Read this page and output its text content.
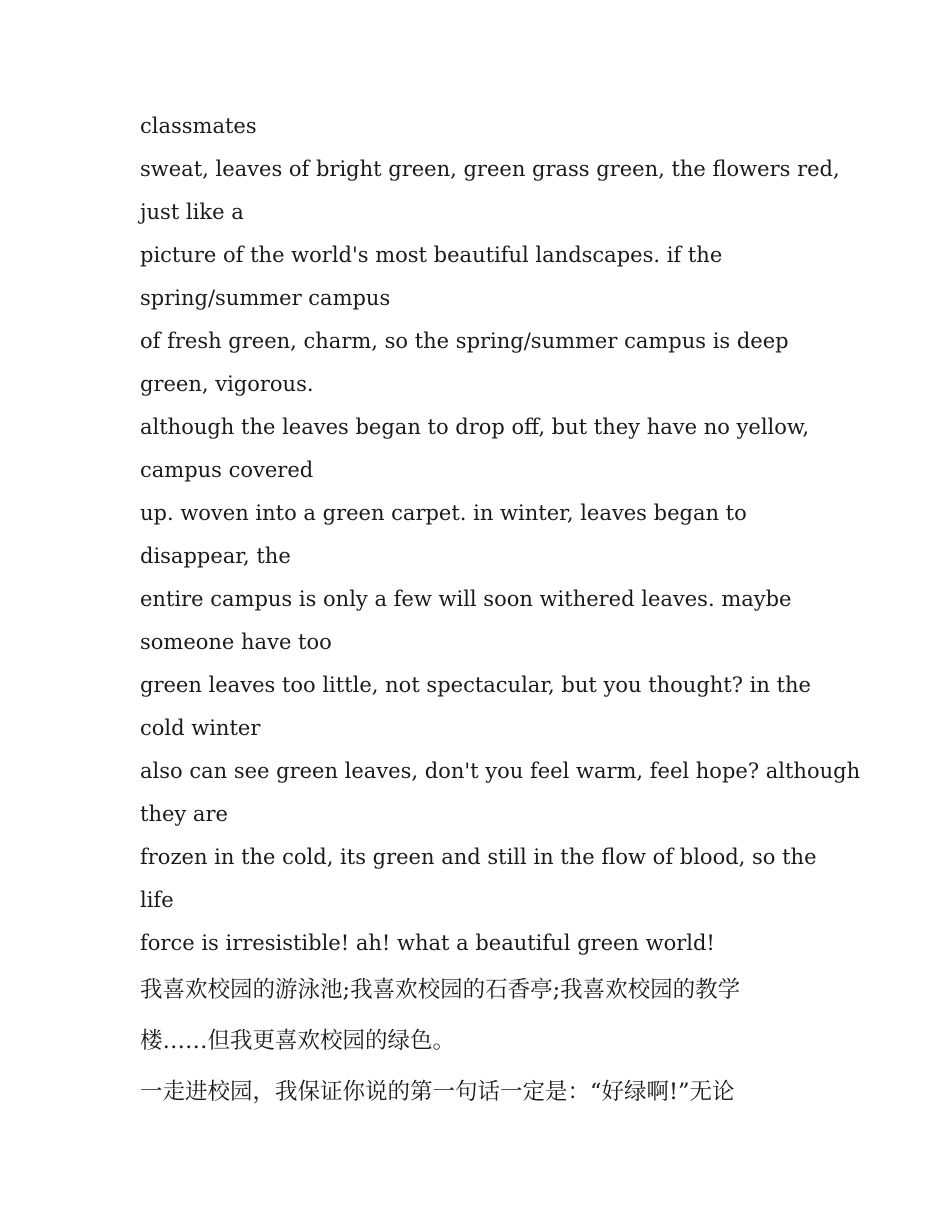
classmates
sweat, leaves of bright green, green grass green, the flowers red,
just like a
picture of the world's most beautiful landscapes. if the
spring/summer campus
of fresh green, charm, so the spring/summer campus is deep
green, vigorous.
although the leaves began to drop off, but they have no yellow,
campus covered
up. woven into a green carpet. in winter, leaves began to
disappear, the
entire campus is only a few will soon withered leaves. maybe
someone have too
green leaves too little, not spectacular, but you thought? in the
cold winter
also can see green leaves, don't you feel warm, feel hope? although
they are
frozen in the cold, its green and still in the flow of blood, so the
life
force is irresistible! ah! what a beautiful green world!
我喜欢校园的游泳池;我喜欢校园的石香亭;我喜欢校园的教学
楼……但我更喜欢校园的绿色。
一走进校园，我保证你说的第一句话一定是：“好绿啊!”无论
